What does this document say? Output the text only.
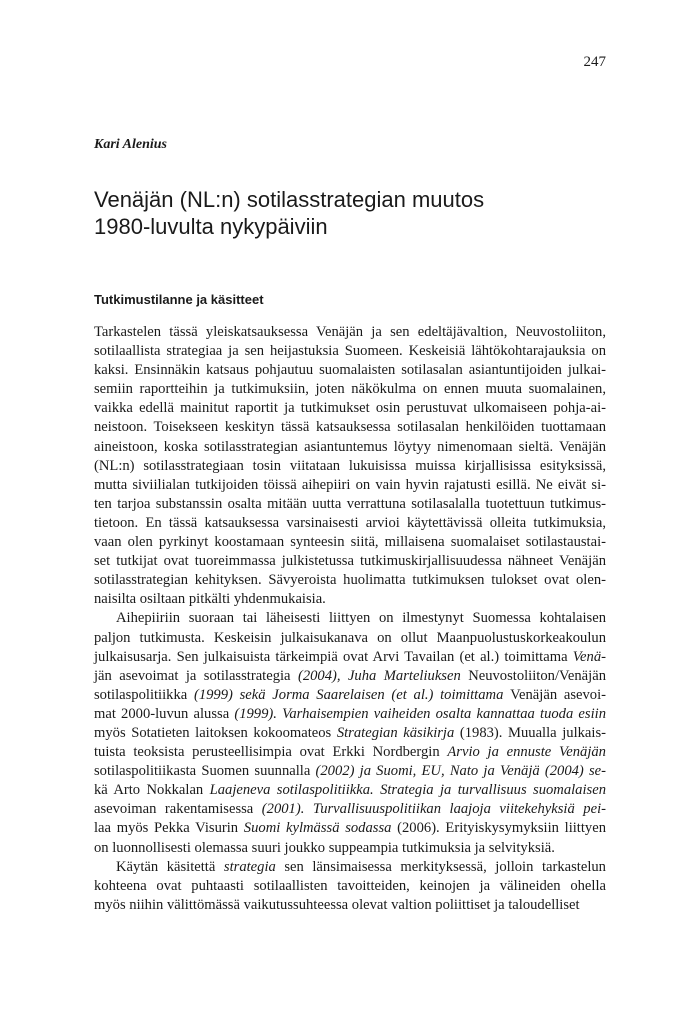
247
Kari Alenius
Venäjän (NL:n) sotilasstrategian muutos
1980-luvulta nykypäiviin
Tutkimustilanne ja käsitteet

Tarkastelen tässä yleiskatsauksessa Venäjän ja sen edeltäjävaltion, Neuvostoliiton,
sotilaallista strategiaa ja sen heijastuksia Suomeen. Keskeisiä lähtökohtarajauksia on
kaksi. Ensinnäkin katsaus pohjautuu suomalaisten sotilasalan asiantuntijoiden julkai-
semiin raportteihin ja tutkimuksiin, joten näkökulma on ennen muuta suomalainen,
vaikka edellä mainitut raportit ja tutkimukset osin perustuvat ulkomaiseen pohja-ai-
neistoon. Toisekseen keskityn tässä katsauksessa sotilasalan henkilöiden tuottamaan
aineistoon, koska sotilasstrategian asiantuntemus löytyy nimenomaan sieltä. Venäjän
(NL:n) sotilasstrategiaan tosin viitataan lukuisissa muissa kirjallisissa esityksissä,
mutta siviilialan tutkijoiden töissä aihepiiri on vain hyvin rajatusti esillä. Ne eivät si-
ten tarjoa substanssin osalta mitään uutta verrattuna sotilasalalla tuotettuun tutkimus-
tietoon. En tässä katsauksessa varsinaisesti arvioi käytettävissä olleita tutkimuksia,
vaan olen pyrkinyt koostamaan synteesin siitä, millaisena suomalaiset sotilastaustai-
set tutkijat ovat tuoreimmassa julkistetussa tutkimuskirjallisuudessa nähneet Venäjän
sotilasstrategian kehityksen. Sävyeroista huolimatta tutkimuksen tulokset ovat olen-
naisilta osiltaan pitkälti yhdenmukaisia.

Aihepiiriin suoraan tai läheisesti liittyen on ilmestynyt Suomessa kohtalaisen
paljon tutkimusta. Keskeisin julkaisukanava on ollut Maanpuolustuskorkeakoulun
julkaisusarja. Sen julkaisuista tärkeimpiä ovat Arvi Tavailan (et al.) toimittama Venä-
jän asevoimat ja sotilasstrategia (2004), Juha Marteliuksen Neuvostoliiton/Venäjän
sotilaspolitiikka (1999) sekä Jorma Saarelaisen (et al.) toimittama Venäjän asevoi-
mat 2000-luvun alussa (1999). Varhaisempien vaiheiden osalta kannattaa tuoda esiin
myös Sotatieten laitoksen kokoomateos Strategian käsikirja (1983). Muualla julkais-
tuista teoksista perusteellisimpia ovat Erkki Nordbergin Arvio ja ennuste Venäjän
sotilaspolitiikasta Suomen suunnalla (2002) ja Suomi, EU, Nato ja Venäjä (2004) se-
kä Arto Nokkalan Laajeneva sotilaspolitiikka. Strategia ja turvallisuus suomalaisen
asevoiman rakentamisessa (2001). Turvallisuuspolitiikan laajoja viitekehyksiä pei-
laa myös Pekka Visurin Suomi kylmässä sodassa (2006). Erityiskysymyksiin liittyen
on luonnollisesti olemassa suuri joukko suppeampia tutkimuksia ja selvityksiä.

Käytän käsitettä strategia sen länsimaisessa merkityksessä, jolloin tarkastelun
kohteena ovat puhtaasti sotilaallisten tavoitteiden, keinojen ja välineiden ohella
myös niihin välittömässä vaikutussuhteessa olevat valtion poliittiset ja taloudelliset
